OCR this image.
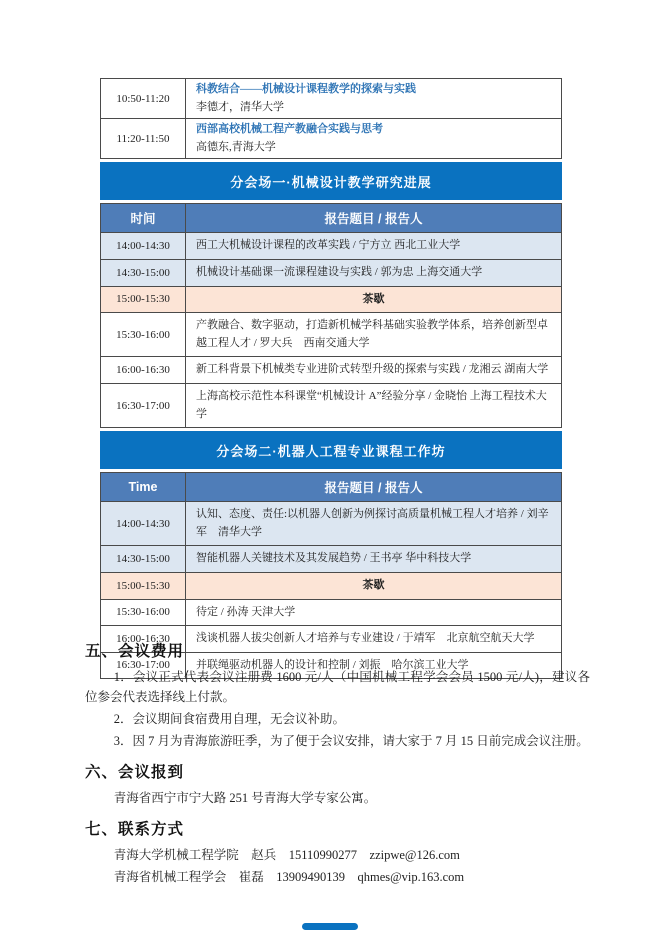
10:50-11:20	科教结合——机械设计课程教学的探索与实践
李德才，清华大学

11:20-11:50	西部高校机械工程产教融合实践与思考
高德东,青海大学
分会场一·机械设计教学研究进展
时间	报告题目 / 报告人
14:00-14:30	西工大机械设计课程的改革实践 / 宁方立 西北工业大学
14:30-15:00	机械设计基础课一流课程建设与实践 / 郭为忠 上海交通大学
15:00-15:30	茶歇
15:30-16:00	产教融合、数字驱动，打造新机械学科基础实验教学体系，培养创新型卓越工程人才 / 罗大兵　西南交通大学
16:00-16:30	新工科背景下机械类专业进阶式转型升级的探索与实践 / 龙湘云 湖南大学
16:30-17:00	上海高校示范性本科课堂“机械设计 A”经验分享 / 金晓怡 上海工程技术大学
分会场二·机器人工程专业课程工作坊
Time	报告题目 / 报告人
14:00-14:30	认知、态度、责任:以机器人创新为例探讨高质量机械工程人才培养 / 刘辛军　清华大学
14:30-15:00	智能机器人关键技术及其发展趋势 / 王书亭 华中科技大学
15:00-15:30	茶歇
15:30-16:00	待定 / 孙涛 天津大学
16:00-16:30	浅谈机器人拔尖创新人才培养与专业建设 / 于靖军　北京航空航天大学
16:30-17:00	并联绳驱动机器人的设计和控制 / 刘振　哈尔滨工业大学
五、会议费用

1．会议正式代表会议注册费 1600 元/人（中国机械工程学会会员 1500 元/人)，建议各位参会代表选择线上付款。

2．会议期间食宿费用自理，无会议补助。

3．因 7 月为青海旅游旺季，为了便于会议安排，请大家于 7 月 15 日前完成会议注册。

六、会议报到

青海省西宁市宁大路 251 号青海大学专家公寓。

七、联系方式

青海大学机械工程学院　赵兵　15110990277　zzipwe@126.com

青海省机械工程学会　崔磊　13909490139　qhmes@vip.163.com
